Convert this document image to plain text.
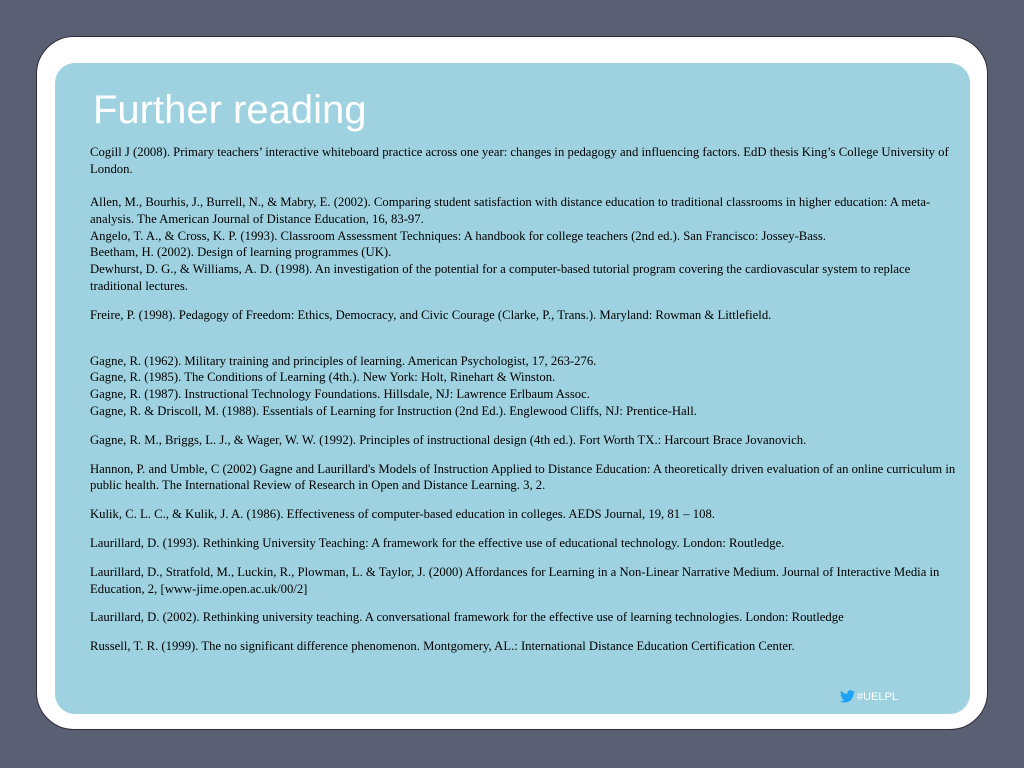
Further reading

Cogill J (2008). Primary teachers’ interactive whiteboard practice across one year: changes in pedagogy and influencing factors. EdD thesis King’s College University of London.

Allen, M., Bourhis, J., Burrell, N., & Mabry, E. (2002). Comparing student satisfaction with distance education to traditional classrooms in higher education: A meta-analysis. The American Journal of Distance Education, 16, 83-97.

Angelo, T. A., & Cross, K. P. (1993). Classroom Assessment Techniques: A handbook for college teachers (2nd ed.). San Francisco: Jossey-Bass.

Beetham, H. (2002). Design of learning programmes (UK).

Dewhurst, D. G., & Williams, A. D. (1998). An investigation of the potential for a computer-based tutorial program covering the cardiovascular system to replace traditional lectures.

Freire, P. (1998). Pedagogy of Freedom: Ethics, Democracy, and Civic Courage (Clarke, P., Trans.). Maryland: Rowman & Littlefield.

Gagne, R. (1962). Military training and principles of learning. American Psychologist, 17, 263-276.

Gagne, R. (1985). The Conditions of Learning (4th.). New York: Holt, Rinehart & Winston.

Gagne, R. (1987). Instructional Technology Foundations. Hillsdale, NJ: Lawrence Erlbaum Assoc.

Gagne, R. & Driscoll, M. (1988). Essentials of Learning for Instruction (2nd Ed.). Englewood Cliffs, NJ: Prentice-Hall.

Gagne, R. M., Briggs, L. J., & Wager, W. W. (1992). Principles of instructional design (4th ed.). Fort Worth TX.: Harcourt Brace Jovanovich.

Hannon, P. and Umble, C (2002) Gagne and Laurillard's Models of Instruction Applied to Distance Education: A theoretically driven evaluation of an online curriculum in public health. The International Review of Research in Open and Distance Learning. 3, 2.

Kulik, C. L. C., & Kulik, J. A. (1986). Effectiveness of computer-based education in colleges. AEDS Journal, 19, 81 – 108.

Laurillard, D. (1993). Rethinking University Teaching: A framework for the effective use of educational technology. London: Routledge.

Laurillard, D., Stratfold, M., Luckin, R., Plowman, L. & Taylor, J. (2000) Affordances for Learning in a Non-Linear Narrative Medium. Journal of Interactive Media in Education, 2, [www-jime.open.ac.uk/00/2]

Laurillard, D. (2002). Rethinking university teaching. A conversational framework for the effective use of learning technologies. London: Routledge

Russell, T. R. (1999). The no significant difference phenomenon. Montgomery, AL.: International Distance Education Certification Center.

#UELPL
